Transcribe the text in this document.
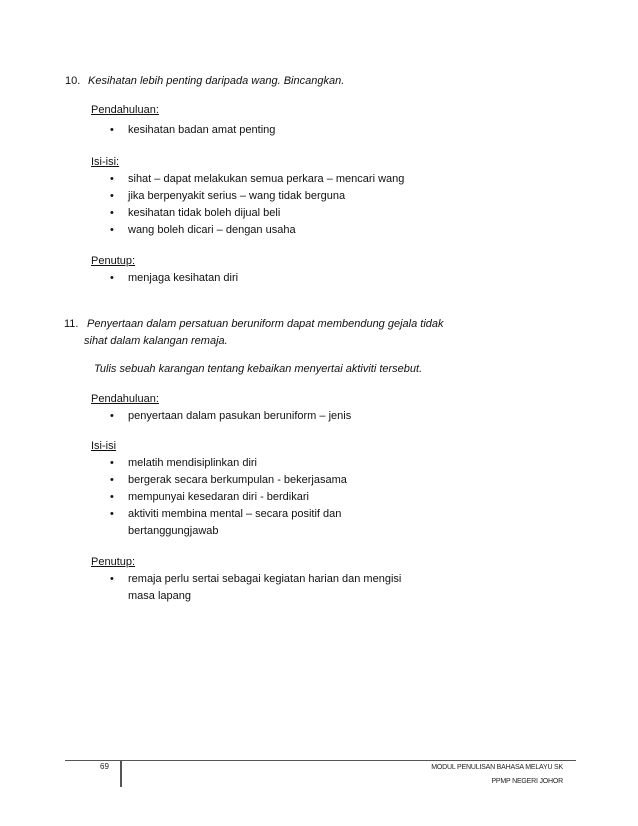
10. Kesihatan lebih penting daripada wang. Bincangkan.
Pendahuluan:
•
kesihatan badan amat penting
Isi-isi:
•
sihat – dapat melakukan semua perkara – mencari wang
•
jika berpenyakit serius – wang tidak berguna
•
kesihatan tidak boleh dijual beli
•
wang boleh dicari – dengan usaha
Penutup:
•
menjaga kesihatan diri
11. Penyertaan dalam persatuan beruniform dapat membendung gejala tidak
sihat dalam kalangan remaja.
Tulis sebuah karangan tentang kebaikan menyertai aktiviti tersebut.
Pendahuluan:
•
penyertaan dalam pasukan beruniform – jenis
Isi-isi
•
melatih mendisiplinkan diri
•
bergerak secara berkumpulan - bekerjasama
•
mempunyai kesedaran diri - berdikari
•
aktiviti membina mental – secara positif dan
bertanggungjawab
Penutup:
•
remaja perlu sertai sebagai kegiatan harian dan mengisi
masa lapang
69	MODUL PENULISAN BAHASA MELAYU SK
PPMP NEGERI JOHOR
